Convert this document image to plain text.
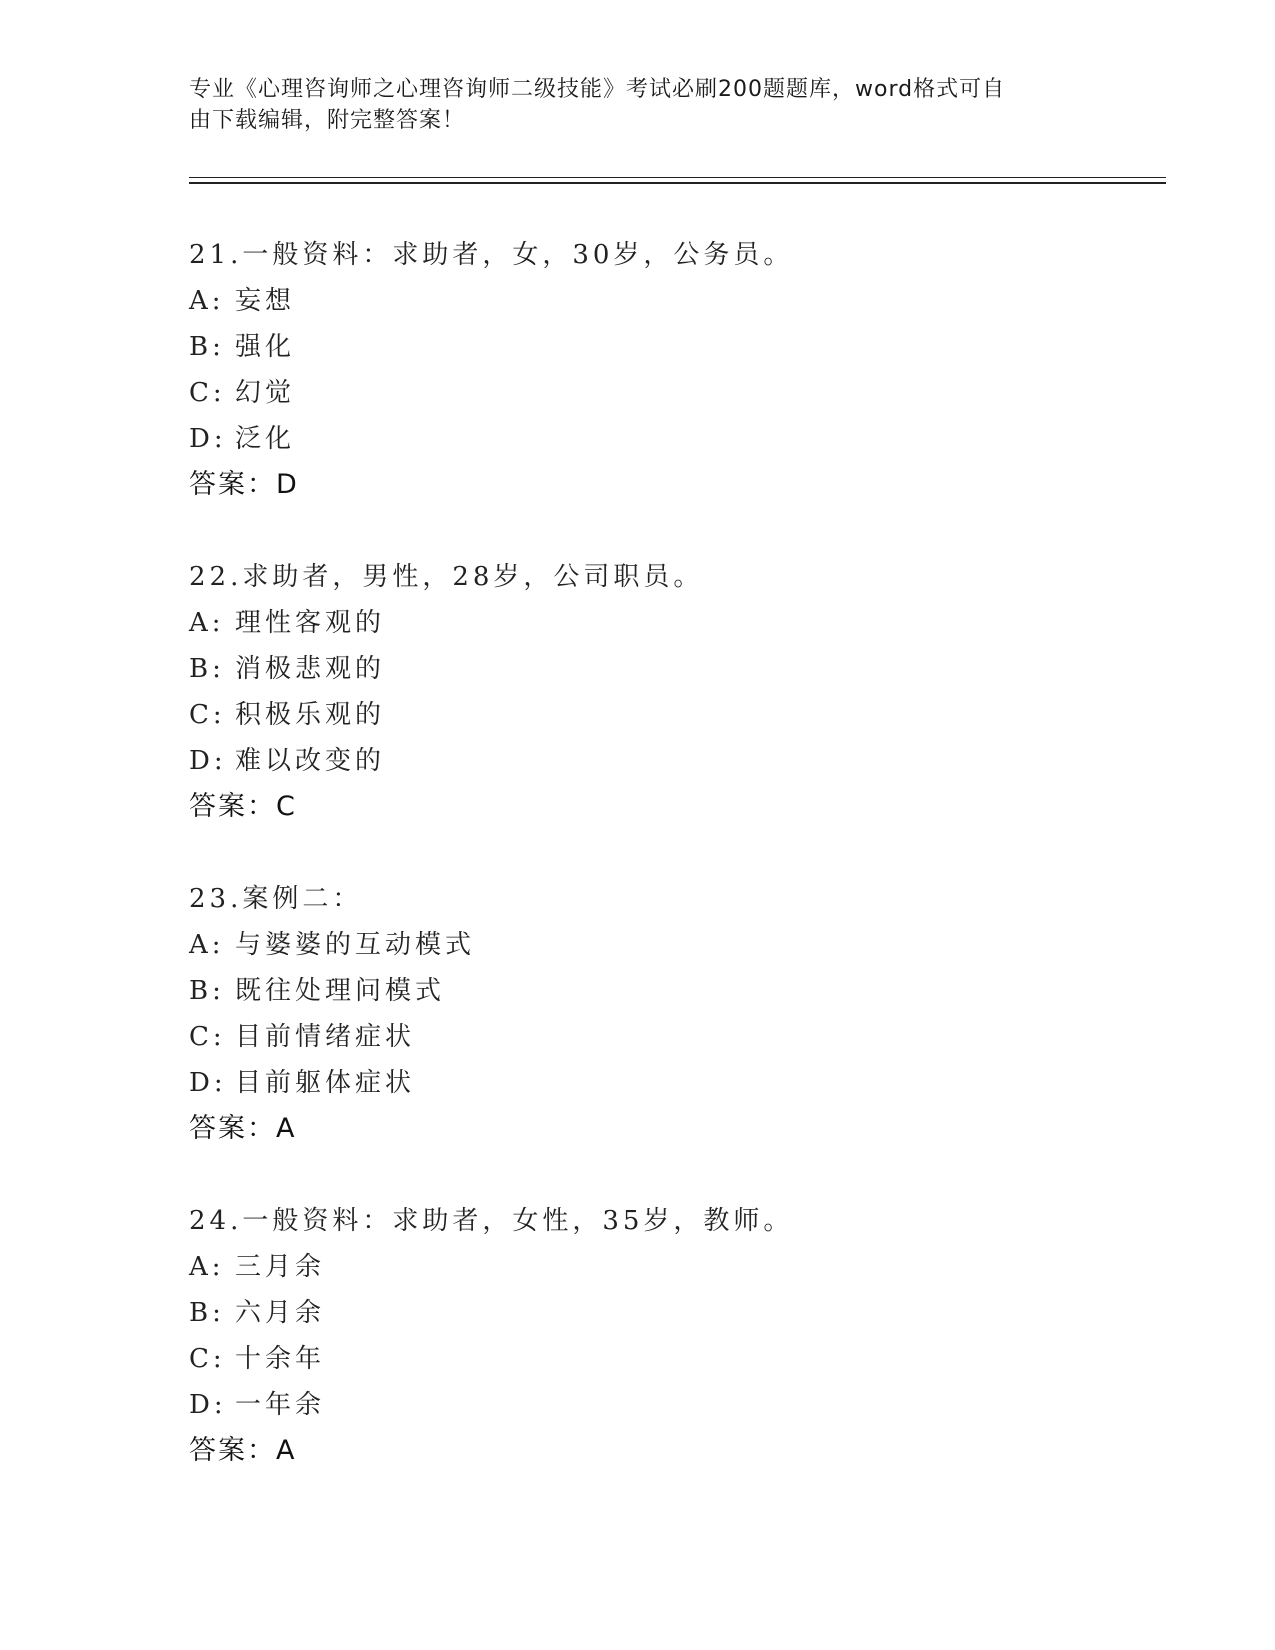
专业《心理咨询师之心理咨询师二级技能》考试必刷200题题库，word格式可自
由下载编辑，附完整答案！
21.一般资料：求助者，女，30岁，公务员。
A: 妄想
B: 强化
C: 幻觉
D: 泛化
答案：D
22.求助者，男性，28岁，公司职员。
A: 理性客观的
B: 消极悲观的
C: 积极乐观的
D: 难以改变的
答案：C
23.案例二：
A: 与婆婆的互动模式
B: 既往处理问模式
C: 目前情绪症状
D: 目前躯体症状
答案：A
24.一般资料：求助者，女性，35岁，教师。
A: 三月余
B: 六月余
C: 十余年
D: 一年余
答案：A
